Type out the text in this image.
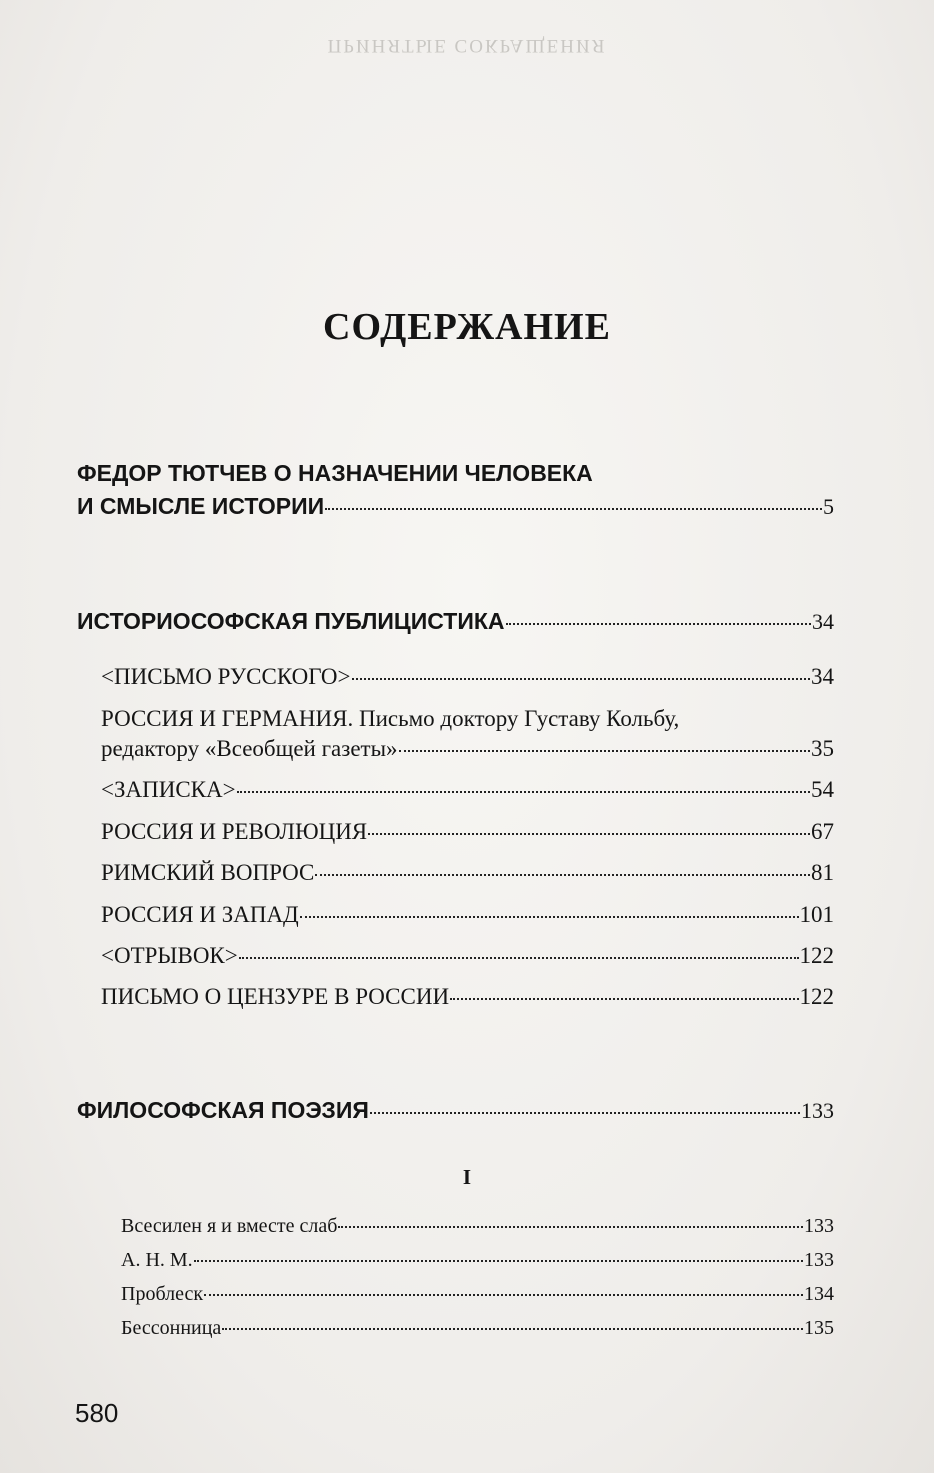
ПРИНЯТЫЕ СОКРАЩЕНИЯ
СОДЕРЖАНИЕ
ФЕДОР ТЮТЧЕВ О НАЗНАЧЕНИИ ЧЕЛОВЕКА
И СМЫСЛЕ ИСТОРИИ	5
ИСТОРИОСОФСКАЯ ПУБЛИЦИСТИКА	34
<ПИСЬМО РУССКОГО>	34
РОССИЯ И ГЕРМАНИЯ. Письмо доктору Густаву Кольбу,
редактору «Всеобщей газеты»	35
<ЗАПИСКА>	54
РОССИЯ И РЕВОЛЮЦИЯ	67
РИМСКИЙ ВОПРОС	81
РОССИЯ И ЗАПАД	101
<ОТРЫВОК>	122
ПИСЬМО О ЦЕНЗУРЕ В РОССИИ	122
ФИЛОСОФСКАЯ ПОЭЗИЯ	133
I
Всесилен я и вместе слаб	133
А. Н. М.	133
Проблеск	134
Бессонница	135
580
